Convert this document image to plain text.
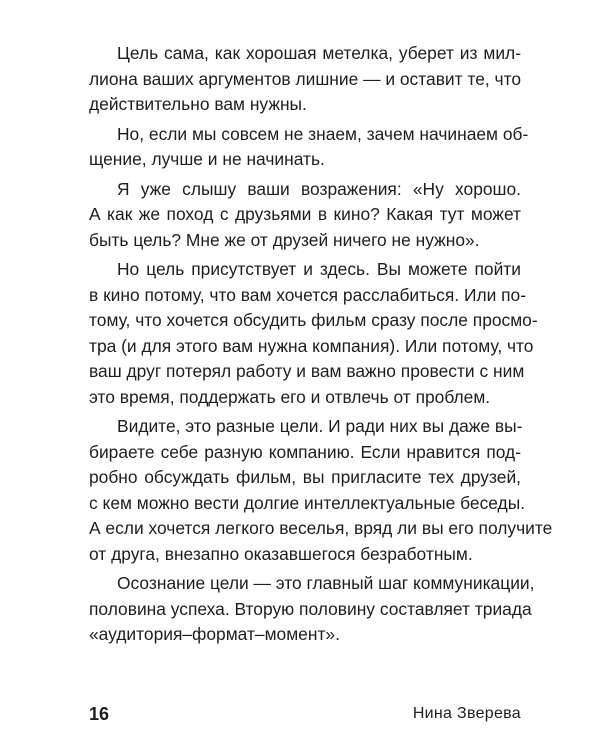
Цель сама, как хорошая метелка, уберет из мил-
лиона ваших аргументов лишние — и оставит те, что
действительно вам нужны.
Но, если мы совсем не знаем, зачем начинаем об-
щение, лучше и не начинать.
Я уже слышу ваши возражения: «Ну хорошо.
А как же поход с друзьями в кино? Какая тут может
быть цель? Мне же от друзей ничего не нужно».
Но цель присутствует и здесь. Вы можете пойти
в кино потому, что вам хочется расслабиться. Или по-
тому, что хочется обсудить фильм сразу после просмо-
тра (и для этого вам нужна компания). Или потому, что
ваш друг потерял работу и вам важно провести с ним
это время, поддержать его и отвлечь от проблем.
Видите, это разные цели. И ради них вы даже вы-
бираете себе разную компанию. Если нравится под-
робно обсуждать фильм, вы пригласите тех друзей,
с кем можно вести долгие интеллектуальные беседы.
А если хочется легкого веселья, вряд ли вы его получите
от друга, внезапно оказавшегося безработным.
Осознание цели — это главный шаг коммуникации,
половина успеха. Вторую половину составляет триада
«аудитория–формат–момент».
16	Нина Зверева
